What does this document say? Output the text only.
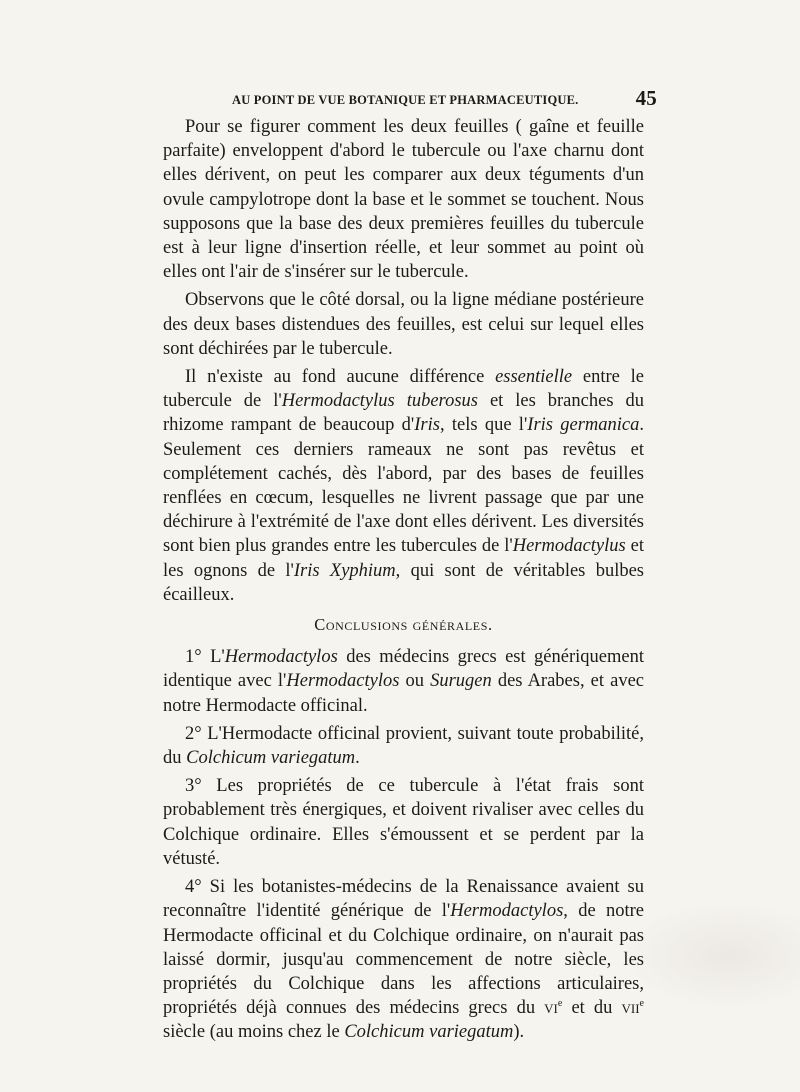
AU POINT DE VUE BOTANIQUE ET PHARMACEUTIQUE.	45

Pour se figurer comment les deux feuilles ( gaîne et feuille parfaite) enveloppent d'abord le tubercule ou l'axe charnu dont elles dérivent, on peut les comparer aux deux téguments d'un ovule campylotrope dont la base et le sommet se touchent. Nous supposons que la base des deux premières feuilles du tubercule est à leur ligne d'insertion réelle, et leur sommet au point où elles ont l'air de s'insérer sur le tubercule.

Observons que le côté dorsal, ou la ligne médiane postérieure des deux bases distendues des feuilles, est celui sur lequel elles sont déchirées par le tubercule.

Il n'existe au fond aucune différence essentielle entre le tubercule de l'Hermodactylus tuberosus et les branches du rhizome rampant de beaucoup d'Iris, tels que l'Iris germanica. Seulement ces derniers rameaux ne sont pas revêtus et complétement cachés, dès l'abord, par des bases de feuilles renflées en cœcum, lesquelles ne livrent passage que par une déchirure à l'extrémité de l'axe dont elles dérivent. Les diversités sont bien plus grandes entre les tubercules de l'Hermodactylus et les ognons de l'Iris Xyphium, qui sont de véritables bulbes écailleux.

Conclusions générales.

1° L'Hermodactylos des médecins grecs est génériquement identique avec l'Hermodactylos ou Surugen des Arabes, et avec notre Hermodacte officinal.

2° L'Hermodacte officinal provient, suivant toute probabilité, du Colchicum variegatum.

3° Les propriétés de ce tubercule à l'état frais sont probablement très énergiques, et doivent rivaliser avec celles du Colchique ordinaire. Elles s'émoussent et se perdent par la vétusté.

4° Si les botanistes-médecins de la Renaissance avaient su reconnaître l'identité générique de l'Hermodactylos, de notre Hermodacte officinal et du Colchique ordinaire, on n'aurait pas laissé dormir, jusqu'au commencement de notre siècle, les propriétés du Colchique dans les affections articulaires, propriétés déjà connues des médecins grecs du $vi^e$ et du vii$^e$ siècle (au moins chez le Colchicum variegatum).
